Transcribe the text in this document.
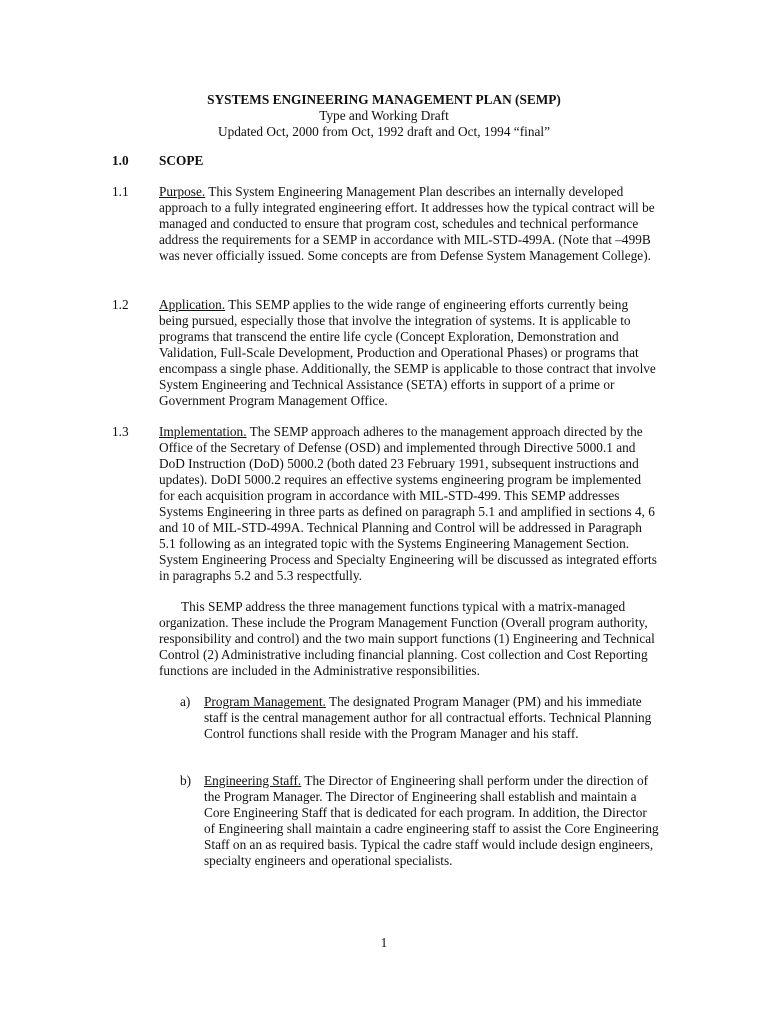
SYSTEMS ENGINEERING MANAGEMENT PLAN (SEMP)
Type and Working Draft
Updated Oct, 2000 from Oct, 1992 draft and Oct, 1994 “final”
1.0 SCOPE
1.1 Purpose. This System Engineering Management Plan describes an internally developed approach to a fully integrated engineering effort. It addresses how the typical contract will be managed and conducted to ensure that program cost, schedules and technical performance address the requirements for a SEMP in accordance with MIL-STD-499A. (Note that –499B was never officially issued. Some concepts are from Defense System Management College).
1.2 Application. This SEMP applies to the wide range of engineering efforts currently being being pursued, especially those that involve the integration of systems. It is applicable to programs that transcend the entire life cycle (Concept Exploration, Demonstration and Validation, Full-Scale Development, Production and Operational Phases) or programs that encompass a single phase. Additionally, the SEMP is applicable to those contract that involve System Engineering and Technical Assistance (SETA) efforts in support of a prime or Government Program Management Office.
1.3 Implementation. The SEMP approach adheres to the management approach directed by the Office of the Secretary of Defense (OSD) and implemented through Directive 5000.1 and DoD Instruction (DoD) 5000.2 (both dated 23 February 1991, subsequent instructions and updates). DoDI 5000.2 requires an effective systems engineering program be implemented for each acquisition program in accordance with MIL-STD-499. This SEMP addresses Systems Engineering in three parts as defined on paragraph 5.1 and amplified in sections 4, 6 and 10 of MIL-STD-499A. Technical Planning and Control will be addressed in Paragraph 5.1 following as an integrated topic with the Systems Engineering Management Section. System Engineering Process and Specialty Engineering will be discussed as integrated efforts in paragraphs 5.2 and 5.3 respectfully.
This SEMP address the three management functions typical with a matrix-managed organization. These include the Program Management Function (Overall program authority, responsibility and control) and the two main support functions (1) Engineering and Technical Control (2) Administrative including financial planning. Cost collection and Cost Reporting functions are included in the Administrative responsibilities.
a) Program Management. The designated Program Manager (PM) and his immediate staff is the central management author for all contractual efforts. Technical Planning Control functions shall reside with the Program Manager and his staff.
b) Engineering Staff. The Director of Engineering shall perform under the direction of the Program Manager. The Director of Engineering shall establish and maintain a Core Engineering Staff that is dedicated for each program. In addition, the Director of Engineering shall maintain a cadre engineering staff to assist the Core Engineering Staff on an as required basis. Typical the cadre staff would include design engineers, specialty engineers and operational specialists.
1
